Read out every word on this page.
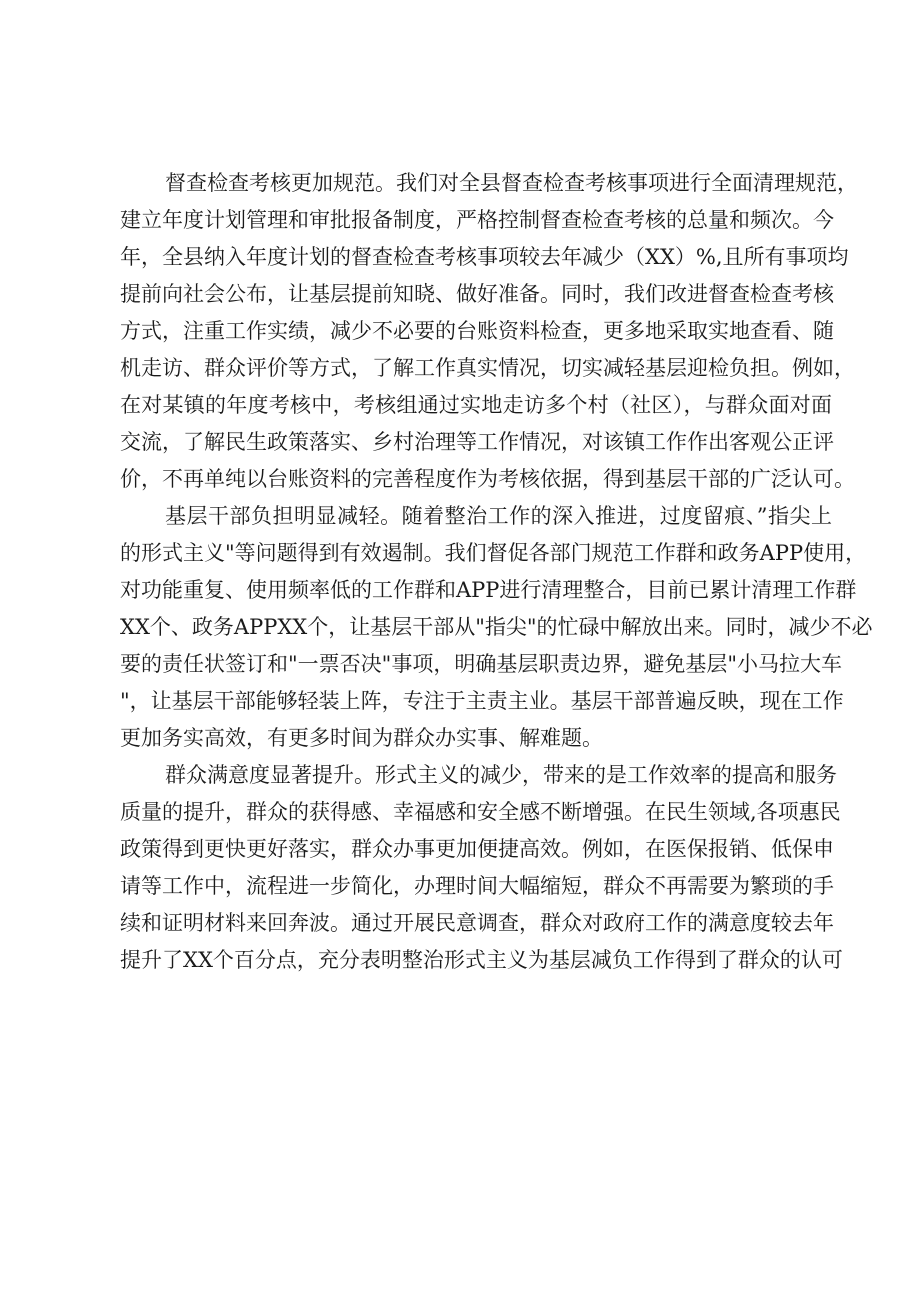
督查检查考核更加规范。我们对全县督查检查考核事项进行全面清理规范，
建立年度计划管理和审批报备制度，严格控制督查检查考核的总量和频次。今
年，全县纳入年度计划的督查检查考核事项较去年减少（XX）%,且所有事项均
提前向社会公布，让基层提前知晓、做好准备。同时，我们改进督查检查考核
方式，注重工作实绩，减少不必要的台账资料检查，更多地采取实地查看、随
机走访、群众评价等方式，了解工作真实情况，切实减轻基层迎检负担。例如，
在对某镇的年度考核中，考核组通过实地走访多个村（社区），与群众面对面
交流，了解民生政策落实、乡村治理等工作情况，对该镇工作作出客观公正评
价，不再单纯以台账资料的完善程度作为考核依据，得到基层干部的广泛认可。
基层干部负担明显减轻。随着整治工作的深入推进，过度留痕、”指尖上
的形式主义"等问题得到有效遏制。我们督促各部门规范工作群和政务APP使用，
对功能重复、使用频率低的工作群和APP进行清理整合，目前已累计清理工作群
XX个、政务APPXX个，让基层干部从"指尖"的忙碌中解放出来。同时，减少不必
要的责任状签订和"一票否决"事项，明确基层职责边界，避免基层"小马拉大车
"，让基层干部能够轻装上阵，专注于主责主业。基层干部普遍反映，现在工作
更加务实高效，有更多时间为群众办实事、解难题。
群众满意度显著提升。形式主义的减少，带来的是工作效率的提高和服务
质量的提升，群众的获得感、幸福感和安全感不断增强。在民生领域,各项惠民
政策得到更快更好落实，群众办事更加便捷高效。例如，在医保报销、低保申
请等工作中，流程进一步简化，办理时间大幅缩短，群众不再需要为繁琐的手
续和证明材料来回奔波。通过开展民意调查，群众对政府工作的满意度较去年
提升了XX个百分点，充分表明整治形式主义为基层减负工作得到了群众的认可
